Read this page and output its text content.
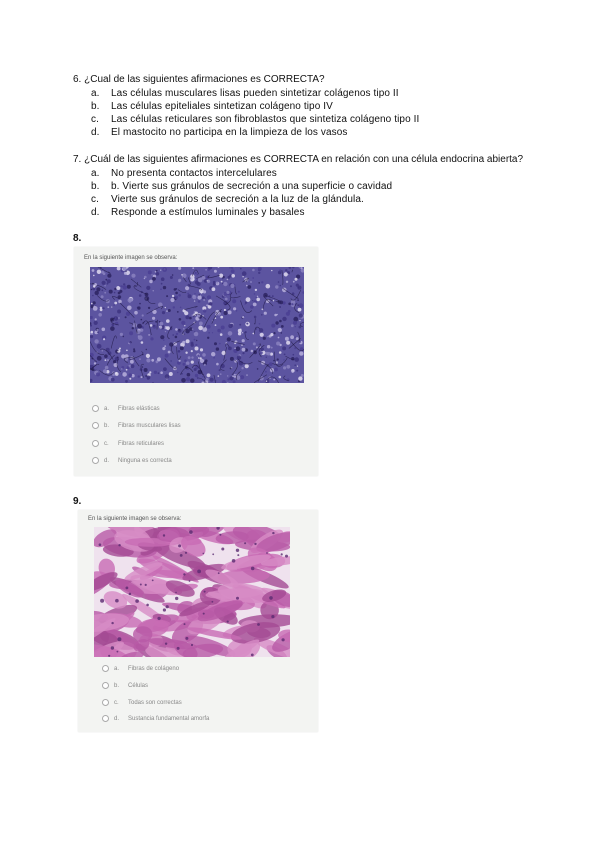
6. ¿Cual de las siguientes afirmaciones es CORRECTA?
a.	Las células musculares lisas pueden sintetizar colágenos tipo II
b.	Las células epiteliales sintetizan colágeno tipo IV
c.	Las células reticulares son fibroblastos que sintetiza colágeno tipo II
d.	El mastocito no participa en la limpieza de los vasos
7. ¿Cuál de las siguientes afirmaciones es CORRECTA en relación con una célula endocrina abierta?
a.	No presenta contactos intercelulares
b.	b. Vierte sus gránulos de secreción a una superficie o cavidad
c.	Vierte sus gránulos de secreción a la luz de la glándula.
d.	Responde a estímulos luminales y basales
8.
En la siguiente imagen se observa:
a.	Fibras elásticas
b.	Fibras musculares lisas
c.	Fibras reticulares
d.	Ninguna es correcta
9.
En la siguiente imagen se observa:
a.	Fibras de colágeno
b.	Células
c.	Todas son correctas
d.	Sustancia fundamental amorfa
